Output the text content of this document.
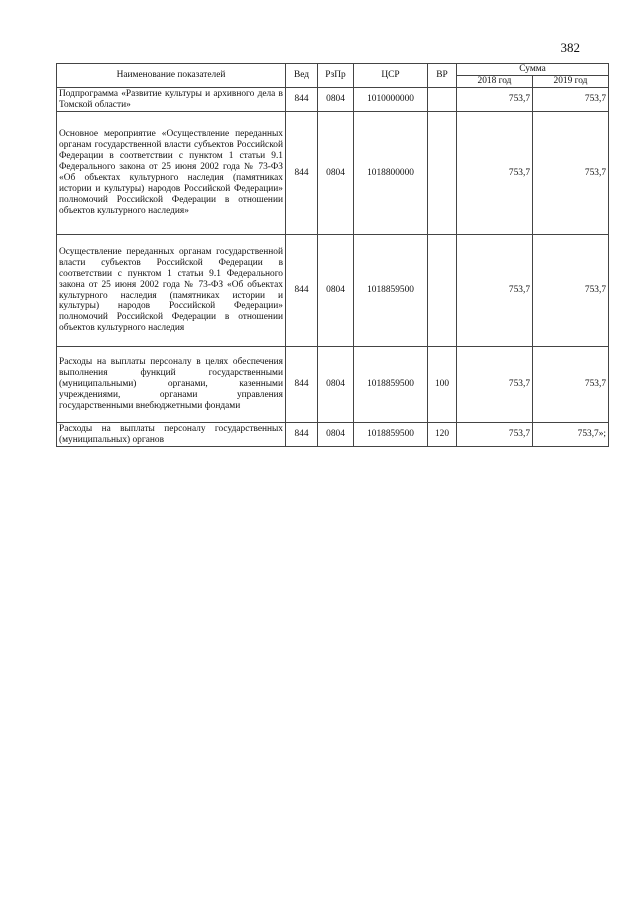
382
Наименование показателей	Вед	РзПр	ЦСР	ВР	Сумма	
					2018 год	2019 год
Подпрограмма «Развитие культуры и архивного дела в Томской области»	844	0804	1010000000		753,7	753,7
Основное мероприятие «Осуществление переданных органам государственной власти субъектов Российской Федерации в соответствии с пунктом 1 статьи 9.1 Федерального закона от 25 июня 2002 года № 73-ФЗ «Об объектах культурного наследия (памятниках истории и культуры) народов Российской Федерации» полномочий Российской Федерации в отношении объектов культурного наследия»	844	0804	1018800000		753,7	753,7
Осуществление переданных органам государственной власти субъектов Российской Федерации в соответствии с пунктом 1 статьи 9.1 Федерального закона от 25 июня 2002 года № 73-ФЗ «Об объектах культурного наследия (памятниках истории и культуры) народов Российской Федерации» полномочий Российской Федерации в отношении объектов культурного наследия	844	0804	1018859500		753,7	753,7
Расходы на выплаты персоналу в целях обеспечения выполнения функций государственными (муниципальными) органами, казенными учреждениями, органами управления государственными внебюджетными фондами	844	0804	1018859500	100	753,7	753,7
Расходы на выплаты персоналу государственных (муниципальных) органов	844	0804	1018859500	120	753,7	753,7»;
